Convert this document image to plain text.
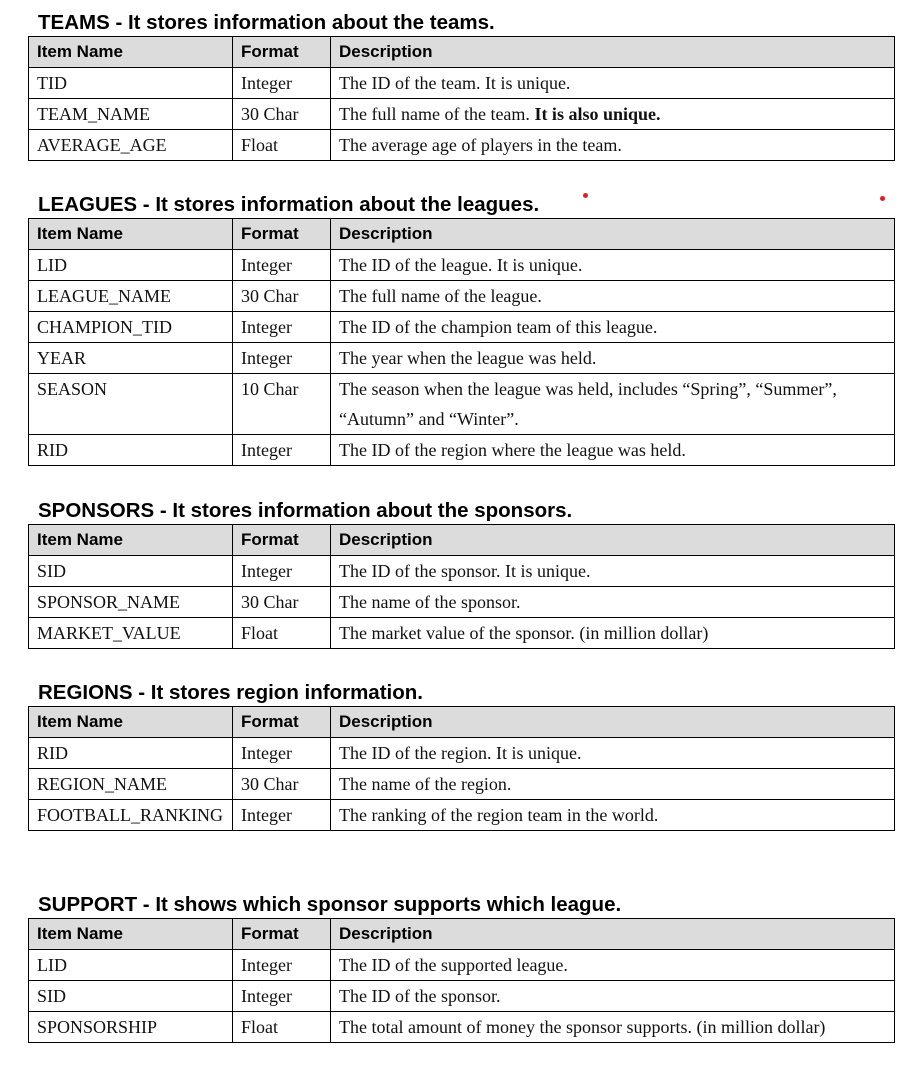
TEAMS - It stores information about the teams.
Item Name	Format	Description
TID	Integer	The ID of the team. It is unique.
TEAM_NAME	30 Char	The full name of the team. It is also unique.
AVERAGE_AGE	Float	The average age of players in the team.
LEAGUES - It stores information about the leagues.
Item Name	Format	Description
LID	Integer	The ID of the league. It is unique.
LEAGUE_NAME	30 Char	The full name of the league.
CHAMPION_TID	Integer	The ID of the champion team of this league.
YEAR	Integer	The year when the league was held.
SEASON	10 Char	The season when the league was held, includes “Spring”, “Summer”, “Autumn” and “Winter”.
RID	Integer	The ID of the region where the league was held.
SPONSORS - It stores information about the sponsors.
Item Name	Format	Description
SID	Integer	The ID of the sponsor. It is unique.
SPONSOR_NAME	30 Char	The name of the sponsor.
MARKET_VALUE	Float	The market value of the sponsor. (in million dollar)
REGIONS - It stores region information.
Item Name	Format	Description
RID	Integer	The ID of the region. It is unique.
REGION_NAME	30 Char	The name of the region.
FOOTBALL_RANKING	Integer	The ranking of the region team in the world.
SUPPORT - It shows which sponsor supports which league.
Item Name	Format	Description
LID	Integer	The ID of the supported league.
SID	Integer	The ID of the sponsor.
SPONSORSHIP	Float	The total amount of money the sponsor supports. (in million dollar)
